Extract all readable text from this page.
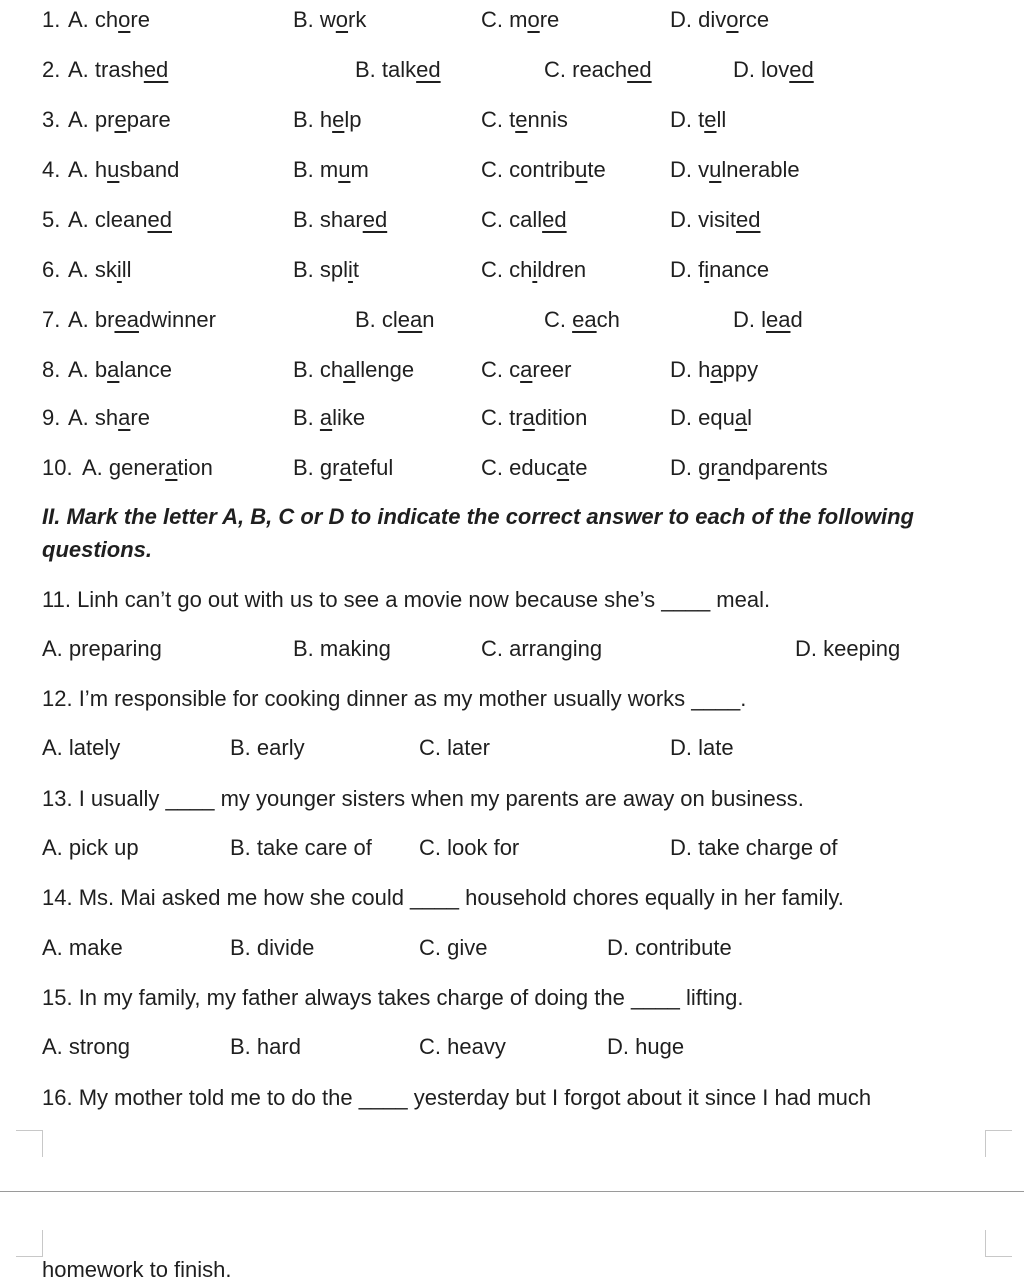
1. A. chore	B. work	C. more	D. divorce
2. A. trashed	B. talked	C. reached	D. loved
3. A. prepare	B. help	C. tennis	D. tell
4. A. husband	B. mum	C. contribute	D. vulnerable
5. A. cleaned	B. shared	C. called	D. visited
6. A. skill	B. split	C. children	D. finance
7. A. breadwinner	B. clean	C. each	D. lead
8. A. balance	B. challenge	C. career	D. happy
9. A. share	B. alike	C. tradition	D. equal
10. A. generation	B. grateful	C. educate	D. grandparents
II. Mark the letter A, B, C or D to indicate the correct answer to each of the following questions.
11. Linh can’t go out with us to see a movie now because she’s ____ meal.
A. preparing	B. making	C. arranging	D. keeping
12. I’m responsible for cooking dinner as my mother usually works ____.
A. lately	B. early	C. later	D. late
13. I usually ____ my younger sisters when my parents are away on business.
A. pick up	B. take care of C. look for	D. take charge of
14. Ms. Mai asked me how she could ____ household chores equally in her family.
A. make	B. divide	C. give	D. contribute
15. In my family, my father always takes charge of doing the ____ lifting.
A. strong	B. hard	C. heavy	D. huge
16. My mother told me to do the ____ yesterday but I forgot about it since I had much
homework to finish.
